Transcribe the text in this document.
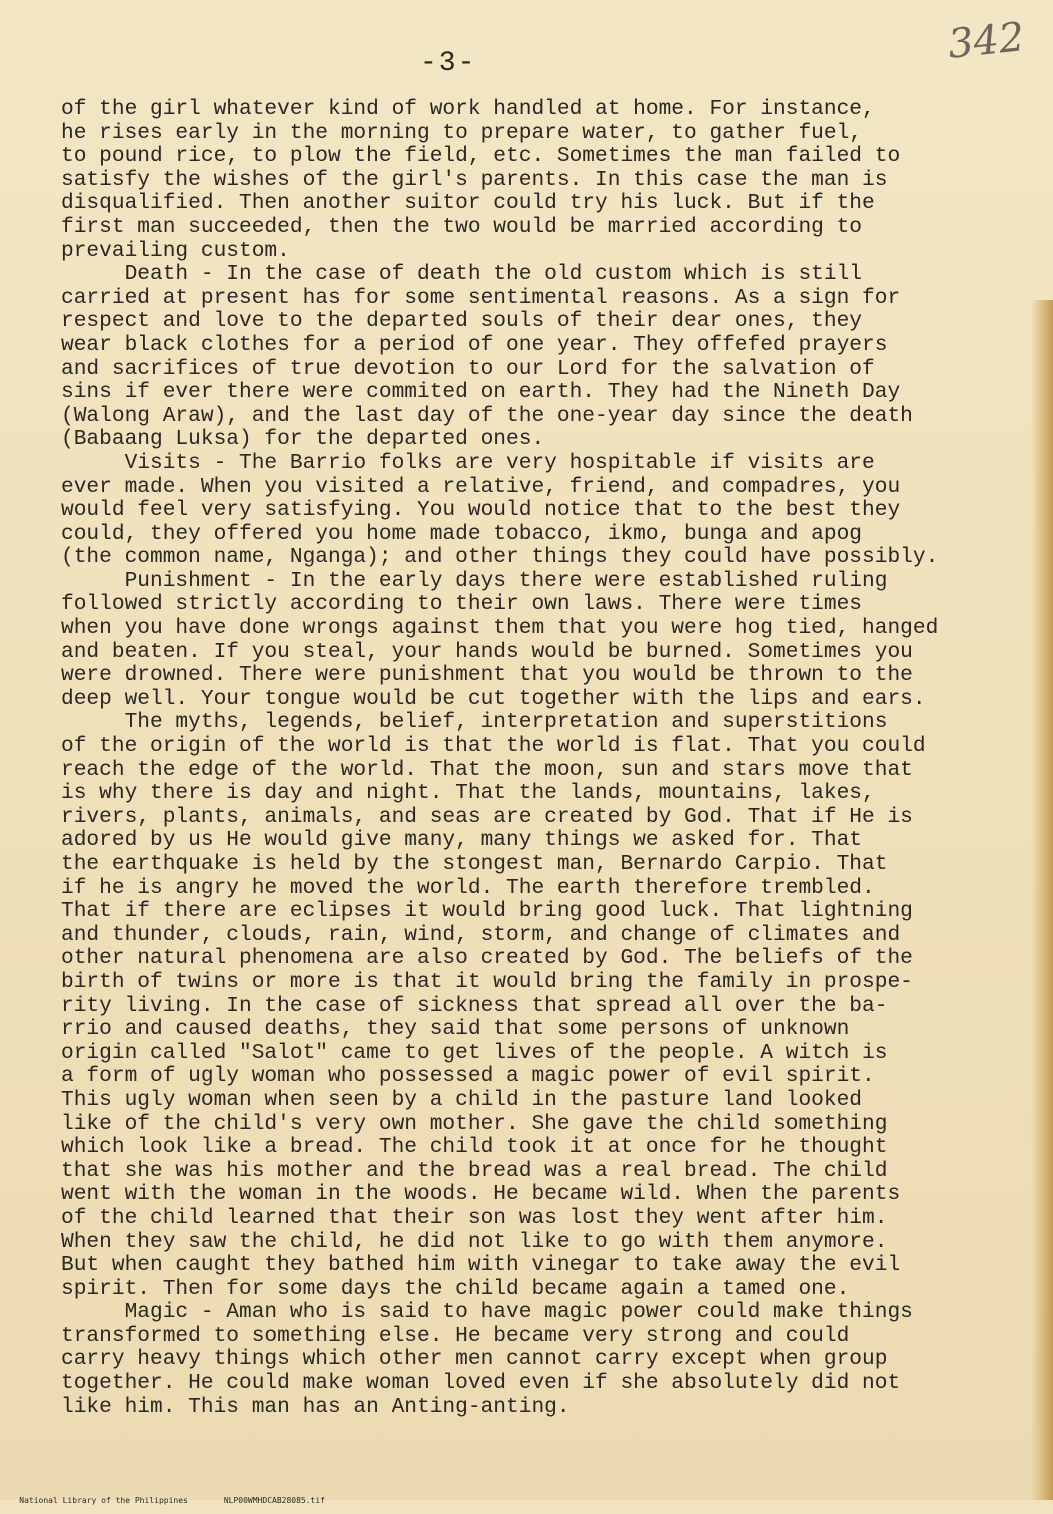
-3-	342
of the girl whatever kind of work handled at home. For instance,
he rises early in the morning to prepare water, to gather fuel,
to pound rice, to plow the field, etc. Sometimes the man failed to
satisfy the wishes of the girl's parents. In this case the man is
disqualified. Then another suitor could try his luck. But if the
first man succeeded, then the two would be married according to
prevailing custom.
Death - In the case of death the old custom which is still
carried at present has for some sentimental reasons. As a sign for
respect and love to the departed souls of their dear ones, they
wear black clothes for a period of one year. They offefed prayers
and sacrifices of true devotion to our Lord for the salvation of
sins if ever there were commited on earth. They had the Nineth Day
(Walong Araw), and the last day of the one-year day since the death
(Babaang Luksa) for the departed ones.
Visits - The Barrio folks are very hospitable if visits are
ever made. When you visited a relative, friend, and compadres, you
would feel very satisfying. You would notice that to the best they
could, they offered you home made tobacco, ikmo, bunga and apog
(the common name, Nganga); and other things they could have possibly.
Punishment - In the early days there were established ruling
followed strictly according to their own laws. There were times
when you have done wrongs against them that you were hog tied, hanged
and beaten. If you steal, your hands would be burned. Sometimes you
were drowned. There were punishment that you would be thrown to the
deep well. Your tongue would be cut together with the lips and ears.
The myths, legends, belief, interpretation and superstitions
of the origin of the world is that the world is flat. That you could
reach the edge of the world. That the moon, sun and stars move that
is why there is day and night. That the lands, mountains, lakes,
rivers, plants, animals, and seas are created by God. That if He is
adored by us He would give many, many things we asked for. That
the earthquake is held by the stongest man, Bernardo Carpio. That
if he is angry he moved the world. The earth therefore trembled.
That if there are eclipses it would bring good luck. That lightning
and thunder, clouds, rain, wind, storm, and change of climates and
other natural phenomena are also created by God. The beliefs of the
birth of twins or more is that it would bring the family in prospe-
rity living. In the case of sickness that spread all over the ba-
rrio and caused deaths, they said that some persons of unknown
origin called "Salot" came to get lives of the people. A witch is
a form of ugly woman who possessed a magic power of evil spirit.
This ugly woman when seen by a child in the pasture land looked
like of the child's very own mother. She gave the child something
which look like a bread. The child took it at once for he thought
that she was his mother and the bread was a real bread. The child
went with the woman in the woods. He became wild. When the parents
of the child learned that their son was lost they went after him.
When they saw the child, he did not like to go with them anymore.
But when caught they bathed him with vinegar to take away the evil
spirit. Then for some days the child became again a tamed one.
Magic - Aman who is said to have magic power could make things
transformed to something else. He became very strong and could
carry heavy things which other men cannot carry except when group
together. He could make woman loved even if she absolutely did not
like him. This man has an Anting-anting.

National Library of the Philippines	NLP00WMHDCAB28085.tif
